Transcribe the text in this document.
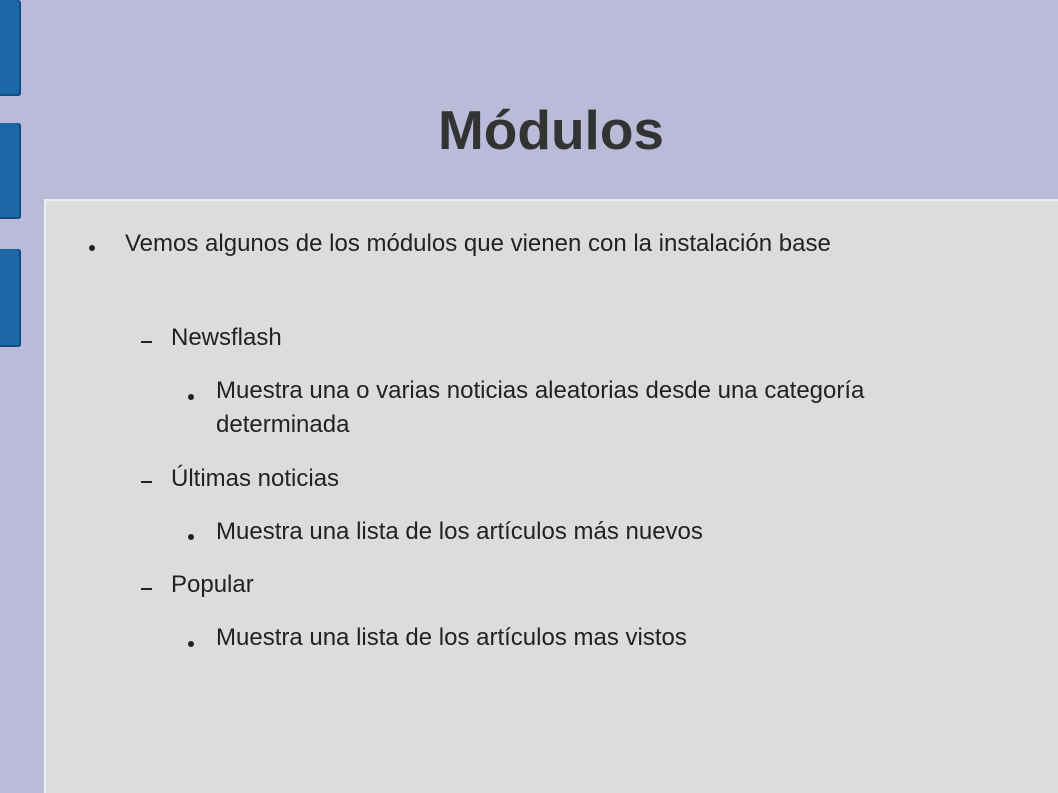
Módulos

Vemos algunos de los módulos que vienen con la instalación base

Newsflash

Muestra una o varias noticias aleatorias desde una categoría determinada

Últimas noticias

Muestra una lista de los artículos más nuevos

Popular

Muestra una lista de los artículos mas vistos
